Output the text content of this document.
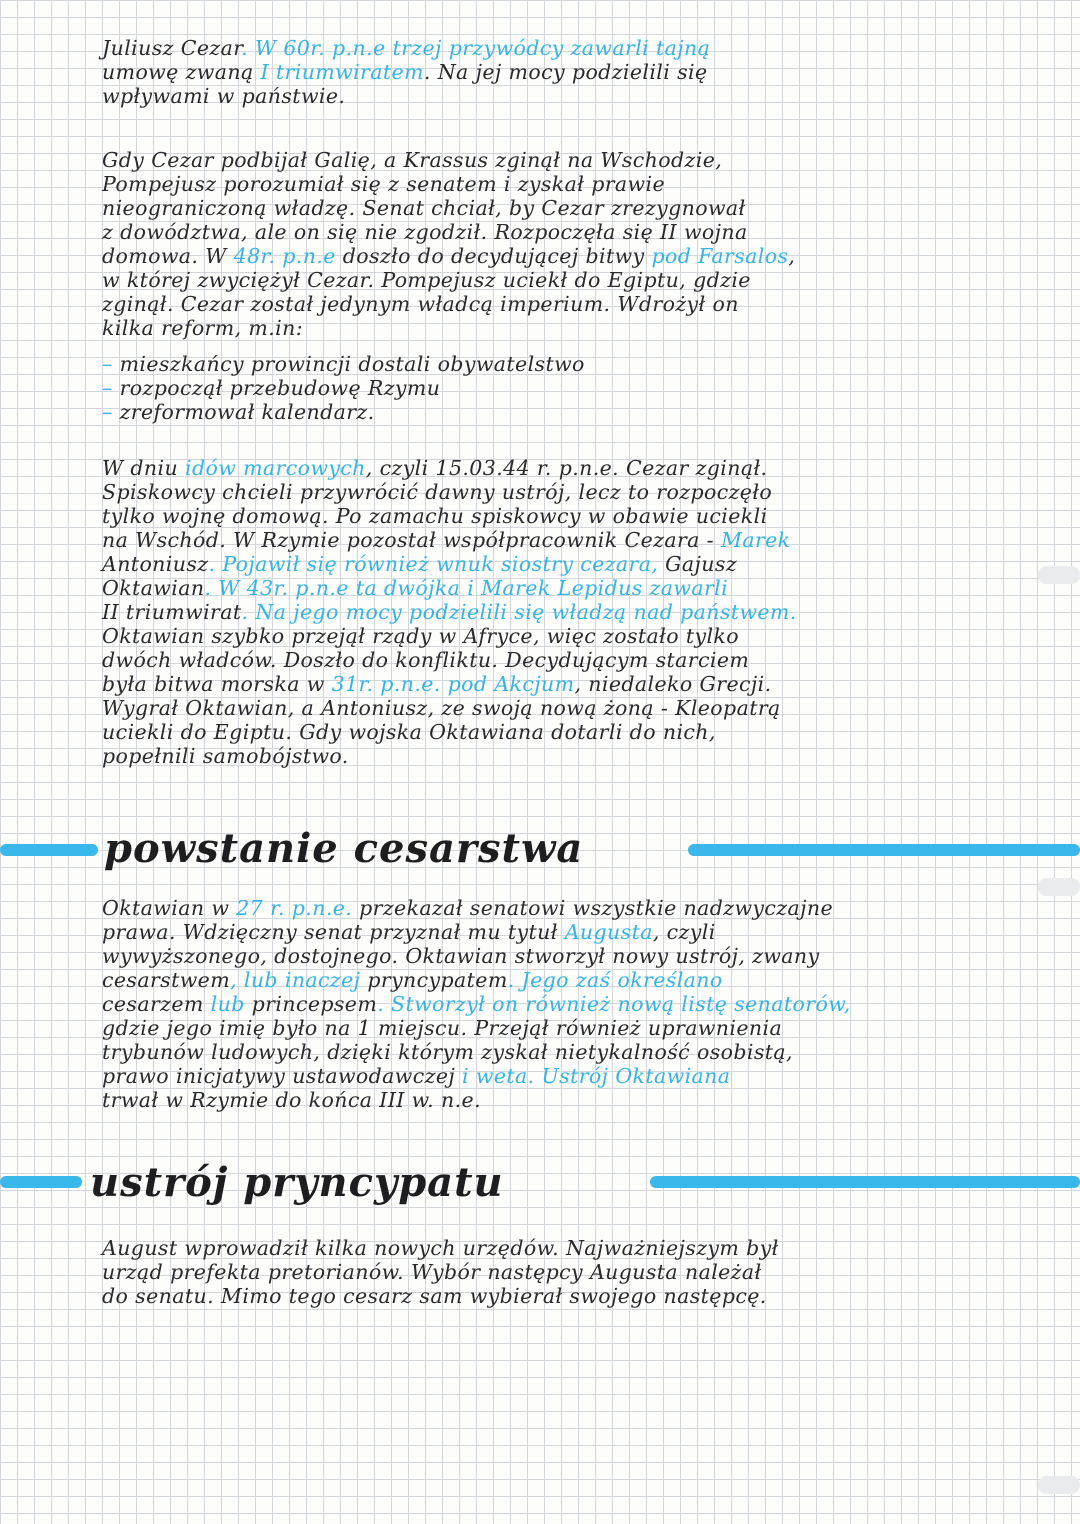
Juliusz Cezar. W 60r. p.n.e trzej przywódcy zawarli tajną
umowę zwaną I triumwiratem. Na jej mocy podzielili się
wpływami w państwie.
Gdy Cezar podbijał Galię, a Krassus zginął na Wschodzie,
Pompejusz porozumiał się z senatem i zyskał prawie
nieograniczoną władzę. Senat chciał, by Cezar zrezygnował
z dowództwa, ale on się nie zgodził. Rozpoczęła się II wojna
domowa. W 48r. p.n.e doszło do decydującej bitwy pod Farsalos,
w której zwyciężył Cezar. Pompejusz uciekł do Egiptu, gdzie
zginął. Cezar został jedynym władcą imperium. Wdrożył on
kilka reform, m.in:
– mieszkańcy prowincji dostali obywatelstwo
– rozpoczął przebudowę Rzymu
– zreformował kalendarz.
W dniu idów marcowych, czyli 15.03.44 r. p.n.e. Cezar zginął.
Spiskowcy chcieli przywrócić dawny ustrój, lecz to rozpoczęło
tylko wojnę domową. Po zamachu spiskowcy w obawie uciekli
na Wschód. W Rzymie pozostał współpracownik Cezara - Marek
Antoniusz. Pojawił się również wnuk siostry cezara, Gajusz
Oktawian. W 43r. p.n.e ta dwójka i Marek Lepidus zawarli
II triumwirat. Na jego mocy podzielili się władzą nad państwem.
Oktawian szybko przejął rządy w Afryce, więc zostało tylko
dwóch władców. Doszło do konfliktu. Decydującym starciem
była bitwa morska w 31r. p.n.e. pod Akcjum, niedaleko Grecji.
Wygrał Oktawian, a Antoniusz, ze swoją nową żoną - Kleopatrą
uciekli do Egiptu. Gdy wojska Oktawiana dotarli do nich,
popełnili samobójstwo.
powstanie cesarstwa
Oktawian w 27 r. p.n.e. przekazał senatowi wszystkie nadzwyczajne
prawa. Wdzięczny senat przyznał mu tytuł Augusta, czyli
wywyższonego, dostojnego. Oktawian stworzył nowy ustrój, zwany
cesarstwem, lub inaczej pryncypatem. Jego zaś określano
cesarzem lub princepsem. Stworzył on również nową listę senatorów,
gdzie jego imię było na 1 miejscu. Przejął również uprawnienia
trybunów ludowych, dzięki którym zyskał nietykalność osobistą,
prawo inicjatywy ustawodawczej i weta. Ustrój Oktawiana
trwał w Rzymie do końca III w. n.e.
ustrój pryncypatu
August wprowadził kilka nowych urzędów. Najważniejszym był
urząd prefekta pretorianów. Wybór następcy Augusta należał
do senatu. Mimo tego cesarz sam wybierał swojego następcę.
